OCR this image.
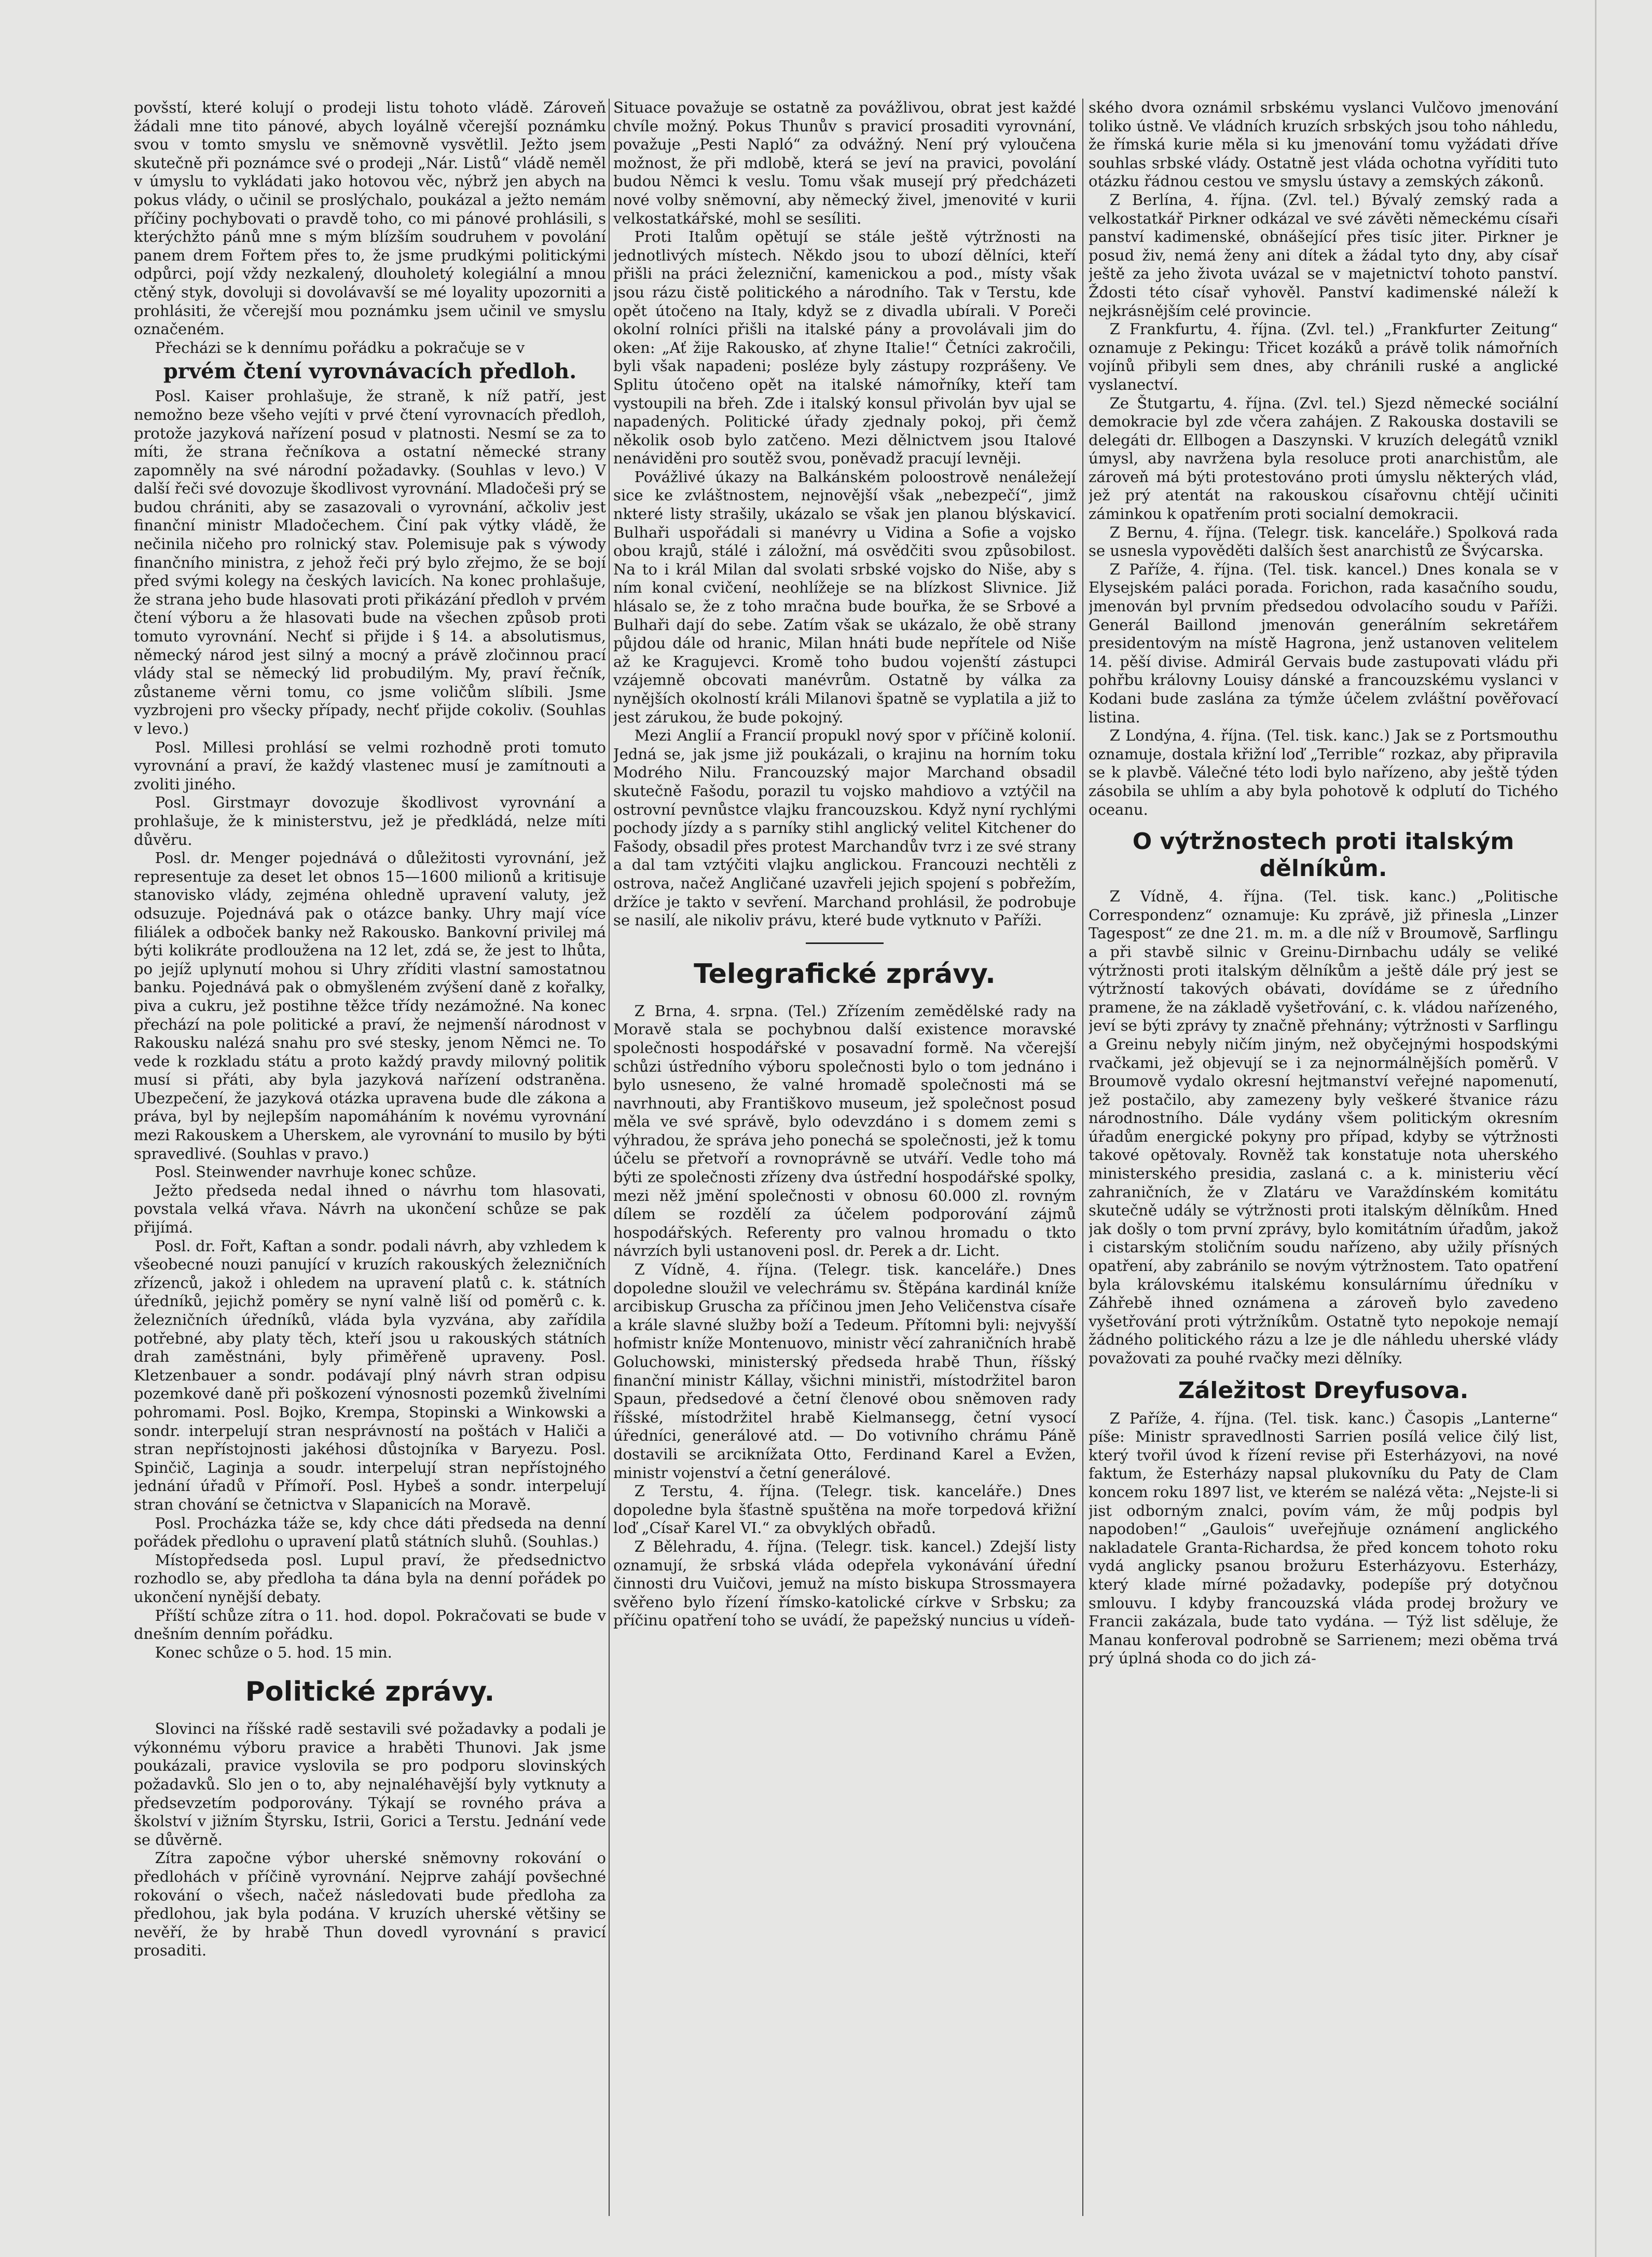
povšstí, které kolují o prodeji listu tohoto vládě. Zároveň žádali mne tito pánové, abych loyálně včerejší poznámku svou v tomto smyslu ve sněmovně vysvětlil. Ježto jsem skutečně při poznámce své o prodeji „Nár. Listů“ vládě neměl v úmyslu to vykládati jako hotovou věc, nýbrž jen abych na pokus vlády, o učinil se proslýchalo, poukázal a ježto nemám příčiny pochybovati o pravdě toho, co mi pánové prohlásili, s kterýchžto pánů mne s mým blízším soudruhem v povolání panem drem Fořtem přes to, že jsme prudkými politickými odpůrci, pojí vždy nezkalený, dlouholetý kolegiální a mnou ctěný styk, dovoluji si dovolávavší se mé loyality upozorniti a prohlásiti, že včerejší mou poznámku jsem učinil ve smyslu označeném.

Přecházi se k dennímu pořádku a pokračuje se v

prvém čtení vyrovnávacích předloh.

Posl. Kaiser prohlašuje, že straně, k níž patří, jest nemožno beze všeho vejíti v prvé čtení vyrovnacích předloh, protože jazyková nařízení posud v platnosti. Nesmí se za to míti, že strana řečníkova a ostatní německé strany zapomněly na své národní požadavky. (Souhlas v levo.) V další řeči své dovozuje škodlivost vyrovnání. Mladočeši prý se budou chrániti, aby se zasazovali o vyrovnání, ačkoliv jest finanční ministr Mladočechem. Činí pak výtky vládě, že nečinila ničeho pro rolnický stav. Polemisuje pak s výwody finančního ministra, z jehož řeči prý bylo zřejmo, že se bojí před svými kolegy na českých lavicích. Na konec prohlašuje, že strana jeho bude hlasovati proti přikázání předloh v prvém čtení výboru a že hlasovati bude na všechen způsob proti tomuto vyrovnání. Nechť si přijde i § 14. a absolutismus, německý národ jest silný a mocný a právě zločinnou prací vlády stal se německý lid probudilým. My, praví řečník, zůstaneme věrni tomu, co jsme voličům slíbili. Jsme vyzbrojeni pro všecky případy, nechť přijde cokoliv. (Souhlas v levo.)

Posl. Millesi prohlásí se velmi rozhodně proti tomuto vyrovnání a praví, že každý vlastenec musí je zamítnouti a zvoliti jiného.

Posl. Girstmayr dovozuje škodlivost vyrovnání a prohlašuje, že k ministerstvu, jež je předkládá, nelze míti důvěru.

Posl. dr. Menger pojednává o důležitosti vyrovnání, jež representuje za deset let obnos 15—1600 milionů a kritisuje stanovisko vlády, zejména ohledně upravení valuty, jež odsuzuje. Pojednává pak o otázce banky. Uhry mají více filiálek a odboček banky než Rakousko. Bankovní privilej má býti kolikráte prodloužena na 12 let, zdá se, že jest to lhůta, po jejíž uplynutí mohou si Uhry zříditi vlastní samostatnou banku. Pojednává pak o obmyšleném zvýšení daně z kořalky, piva a cukru, jež postihne těžce třídy nezámožné. Na konec přechází na pole politické a praví, že nejmenší národnost v Rakousku nalézá snahu pro své stesky, jenom Němci ne. To vede k rozkladu státu a proto každý pravdy milovný politik musí si přáti, aby byla jazyková nařízení odstraněna. Ubezpečení, že jazyková otázka upravena bude dle zákona a práva, byl by nejlepším napomáháním k novému vyrovnání mezi Rakouskem a Uherskem, ale vyrovnání to musilo by býti spravedlivé. (Souhlas v pravo.)

Posl. Steinwender navrhuje konec schůze.

Ježto předseda nedal ihned o návrhu tom hlasovati, povstala velká vřava. Návrh na ukončení schůze se pak přijímá.

Posl. dr. Fořt, Kaftan a sondr. podali návrh, aby vzhledem k všeobecné nouzi panující v kruzích rakouských železničních zřízenců, jakož i ohledem na upravení platů c. k. státních úředníků, jejichž poměry se nyní valně liší od poměrů c. k. železničních úředníků, vláda byla vyzvána, aby zařídila potřebné, aby platy těch, kteří jsou u rakouských státních drah zaměstnáni, byly přiměřeně upraveny. Posl. Kletzenbauer a sondr. podávají plný návrh stran odpisu pozemkové daně při poškození výnosnosti pozemků živelními pohromami. Posl. Bojko, Krempa, Stopinski a Winkowski a sondr. interpelují stran nesprávností na poštách v Haliči a stran nepřístojnosti jakéhosi důstojníka v Baryezu. Posl. Spinčič, Laginja a soudr. interpelují stran nepřístojného jednání úřadů v Přímoří. Posl. Hybeš a sondr. interpelují stran chování se četnictva v Slapanicích na Moravě.

Posl. Procházka táže se, kdy chce dáti předseda na denní pořádek předlohu o upravení platů státních sluhů. (Souhlas.)

Místopředseda posl. Lupul praví, že předsednictvo rozhodlo se, aby předloha ta dána byla na denní pořádek po ukončení nynější debaty.

Příští schůze zítra o 11. hod. dopol. Pokračovati se bude v dnešním denním pořádku.

Konec schůze o 5. hod. 15 min.

Politické zprávy.

Slovinci na říšské radě sestavili své požadavky a podali je výkonnému výboru pravice a hraběti Thunovi. Jak jsme poukázali, pravice vyslovila se pro podporu slovinských požadavků. Slo jen o to, aby nejnaléhavější byly vytknuty a předsevzetím podporovány. Týkají se rovného práva a školství v jižním Štyrsku, Istrii, Gorici a Terstu. Jednání vede se důvěrně.

Zítra započne výbor uherské sněmovny rokování o předlohách v příčině vyrovnání. Nejprve zahájí povšechné rokování o všech, načež následovati bude předloha za předlohou, jak byla podána. V kruzích uherské většiny se nevěří, že by hrabě Thun dovedl vyrovnání s pravicí prosaditi.

Situace považuje se ostatně za povážlivou, obrat jest každé chvíle možný. Pokus Thunův s pravicí prosaditi vyrovnání, považuje „Pesti Napló“ za odvážný. Není prý vyloučena možnost, že při mdlobě, která se jeví na pravici, povolání budou Němci k veslu. Tomu však musejí prý předcházeti nové volby sněmovní, aby německý živel, jmenovité v kurii velkostatkářské, mohl se sesíliti.

Proti Italům opětují se stále ještě výtržnosti na jednotlivých místech. Někdo jsou to ubozí dělníci, kteří přišli na práci železniční, kamenickou a pod., místy však jsou rázu čistě politického a národního. Tak v Terstu, kde opět útočeno na Italy, když se z divadla ubírali. V Poreči okolní rolníci přišli na italské pány a provolávali jim do oken: „Ať žije Rakousko, ať zhyne Italie!“ Četníci zakročili, byli však napadeni; posléze byly zástupy rozprášeny. Ve Splitu útočeno opět na italské námořníky, kteří tam vystoupili na břeh. Zde i italský konsul přivolán byv ujal se napadených. Politické úřady zjednaly pokoj, při čemž několik osob bylo zatčeno. Mezi dělnictvem jsou Italové nenáviděni pro soutěž svou, poněvadž pracují levněji.

Povážlivé úkazy na Balkánském poloostrově nenáležejí sice ke zvláštnostem, nejnovější však „nebezpečí“, jimž nkteré listy strašily, ukázalo se však jen planou blýskavicí. Bulhaři uspořádali si manévry u Vidina a Sofie a vojsko obou krajů, stálé i záložní, má osvědčiti svou způsobilost. Na to i král Milan dal svolati srbské vojsko do Niše, aby s ním konal cvičení, neohlížeje se na blízkost Slivnice. Již hlásalo se, že z toho mračna bude bouřka, že se Srbové a Bulhaři dají do sebe. Zatím však se ukázalo, že obě strany půjdou dále od hranic, Milan hnáti bude nepřítele od Niše až ke Kragujevci. Kromě toho budou vojenští zástupci vzájemně obcovati manévrům. Ostatně by válka za nynějších okolností králi Milanovi špatně se vyplatila a již to jest zárukou, že bude pokojný.

Mezi Anglií a Francií propukl nový spor v příčině kolonií. Jedná se, jak jsme již poukázali, o krajinu na horním toku Modrého Nilu. Francouzský major Marchand obsadil skutečně Fašodu, porazil tu vojsko mahdiovo a vztýčil na ostrovní pevnůstce vlajku francouzskou. Když nyní rychlými pochody jízdy a s parníky stihl anglický velitel Kitchener do Fašody, obsadil přes protest Marchandův tvrz i ze své strany a dal tam vztýčiti vlajku anglickou. Francouzi nechtěli z ostrova, načež Angličané uzavřeli jejich spojení s pobřežím, držíce je takto v sevření. Marchand prohlásil, že podrobuje se nasilí, ale nikoliv právu, které bude vytknuto v Paříži.

Telegrafické zprávy.

Z Brna, 4. srpna. (Tel.) Zřízením zemědělské rady na Moravě stala se pochybnou další existence moravské společnosti hospodářské v posavadní formě. Na včerejší schůzi ústředního výboru společnosti bylo o tom jednáno i bylo usneseno, že valné hromadě společnosti má se navrhnouti, aby Františkovo museum, jež společnost posud měla ve své správě, bylo odevzdáno i s domem zemi s výhradou, že správa jeho ponechá se společnosti, jež k tomu účelu se přetvoří a rovnoprávně se utváří. Vedle toho má býti ze společnosti zřízeny dva ústřední hospodářské spolky, mezi něž jmění společnosti v obnosu 60.000 zl. rovným dílem se rozdělí za účelem podporování zájmů hospodářských. Referenty pro valnou hromadu o tkto návrzích byli ustanoveni posl. dr. Perek a dr. Licht.

Z Vídně, 4. října. (Telegr. tisk. kanceláře.) Dnes dopoledne sloužil ve velechrámu sv. Štěpána kardinál kníže arcibiskup Gruscha za příčinou jmen Jeho Veličenstva císaře a krále slavné služby boží a Tedeum. Přítomni byli: nejvyšší hofmistr kníže Montenuovo, ministr věcí zahraničních hrabě Goluchowski, ministerský předseda hrabě Thun, říšský finanční ministr Kállay, všichni ministři, místodržitel baron Spaun, předsedové a četní členové obou sněmoven rady říšské, místodržitel hrabě Kielmansegg, četní vysocí úředníci, generálové atd. — Do votivního chrámu Páně dostavili se arciknížata Otto, Ferdinand Karel a Evžen, ministr vojenství a četní generálové.

Z Terstu, 4. října. (Telegr. tisk. kanceláře.) Dnes dopoledne byla šťastně spuštěna na moře torpedová křižní loď „Císař Karel VI.“ za obvyklých obřadů.

Z Bělehradu, 4. října. (Telegr. tisk. kancel.) Zdejší listy oznamují, že srbská vláda odepřela vykonávání úřední činnosti dru Vuičovi, jemuž na místo biskupa Strossmayera svěřeno bylo řízení římsko-katolické církve v Srbsku; za příčinu opatření toho se uvádí, že papežský nuncius u vídeň-

ského dvora oznámil srbskému vyslanci Vulčovo jmenování toliko ústně. Ve vládních kruzích srbských jsou toho náhledu, že římská kurie měla si ku jmenování tomu vyžádati dříve souhlas srbské vlády. Ostatně jest vláda ochotna vyříditi tuto otázku řádnou cestou ve smyslu ústavy a zemských zákonů.

Z Berlína, 4. října. (Zvl. tel.) Bývalý zemský rada a velkostatkář Pirkner odkázal ve své závěti německému císaři panství kadimenské, obnášející přes tisíc jiter. Pirkner je posud živ, nemá ženy ani dítek a žádal tyto dny, aby císař ještě za jeho života uvázal se v majetnictví tohoto panství. Ždosti této císař vyhověl. Panství kadimenské náleží k nejkrásnějším celé provincie.

Z Frankfurtu, 4. října. (Zvl. tel.) „Frankfurter Zeitung“ oznamuje z Pekingu: Třicet kozáků a právě tolik námořních vojínů přibyli sem dnes, aby chránili ruské a anglické vyslanectví.

Ze Štutgartu, 4. října. (Zvl. tel.) Sjezd německé sociální demokracie byl zde včera zahájen. Z Rakouska dostavili se delegáti dr. Ellbogen a Daszynski. V kruzích delegátů vznikl úmysl, aby navržena byla resoluce proti anarchistům, ale zároveň má býti protestováno proti úmyslu některých vlád, jež prý atentát na rakouskou císařovnu chtějí učiniti záminkou k opatřením proti socialní demokracii.

Z Bernu, 4. října. (Telegr. tisk. kanceláře.) Spolková rada se usnesla vypověděti dalších šest anarchistů ze Švýcarska.

Z Paříže, 4. října. (Tel. tisk. kancel.) Dnes konala se v Elysejském paláci porada. Forichon, rada kasačního soudu, jmenován byl prvním předsedou odvolacího soudu v Paříži. Generál Baillond jmenován generálním sekretářem presidentovým na místě Hagrona, jenž ustanoven velitelem 14. pěší divise. Admirál Gervais bude zastupovati vládu při pohřbu královny Louisy dánské a francouzskému vyslanci v Kodani bude zaslána za týmže účelem zvláštní pověřovací listina.

Z Londýna, 4. října. (Tel. tisk. kanc.) Jak se z Portsmouthu oznamuje, dostala křižní loď „Terrible“ rozkaz, aby připravila se k plavbě. Válečné této lodi bylo nařízeno, aby ještě týden zásobila se uhlím a aby byla pohotově k odplutí do Tichého oceanu.

O výtržnostech proti italským dělníkům.

Z Vídně, 4. října. (Tel. tisk. kanc.) „Politische Correspondenz“ oznamuje: Ku zprávě, již přinesla „Linzer Tagespost“ ze dne 21. m. m. a dle níž v Broumově, Sarflingu a při stavbě silnic v Greinu-Dirnbachu udály se veliké výtržnosti proti italským dělníkům a ještě dále prý jest se výtržností takových obávati, dovídáme se z úředního pramene, že na základě vyšetřování, c. k. vládou nařízeného, jeví se býti zprávy ty značně přehnány; výtržnosti v Sarflingu a Greinu nebyly ničím jiným, než obyčejnými hospodskými rvačkami, jež objevují se i za nejnormálnějších poměrů. V Broumově vydalo okresní hejtmanství veřejné napomenutí, jež postačilo, aby zamezeny byly veškeré štvanice rázu národnostního. Dále vydány všem politickým okresním úřadům energické pokyny pro případ, kdyby se výtržnosti takové opětovaly. Rovněž tak konstatuje nota uherského ministerského presidia, zaslaná c. a k. ministeriu věcí zahraničních, že v Zlatáru ve Varaždínském komitátu skutečně udály se výtržnosti proti italským dělníkům. Hned jak došly o tom první zprávy, bylo komitátním úřadům, jakož i cistarským stoličním soudu nařízeno, aby užily přísných opatření, aby zabránilo se novým výtržnostem. Tato opatření byla královskému italskému konsulárnímu úředníku v Záhřebě ihned oznámena a zároveň bylo zavedeno vyšetřování proti výtržníkům. Ostatně tyto nepokoje nemají žádného politického rázu a lze je dle náhledu uherské vlády považovati za pouhé rvačky mezi dělníky.

Záležitost Dreyfusova.

Z Paříže, 4. října. (Tel. tisk. kanc.) Časopis „Lanterne“ píše: Ministr spravedlnosti Sarrien posílá velice čilý list, který tvořil úvod k řízení revise při Esterházyovi, na nové faktum, že Esterházy napsal plukovníku du Paty de Clam koncem roku 1897 list, ve kterém se nalézá věta: „Nejste-li si jist odborným znalci, povím vám, že můj podpis byl napodoben!“ „Gaulois“ uveřejňuje oznámení anglického nakladatele Granta-Richardsa, že před koncem tohoto roku vydá anglicky psanou brožuru Esterházyovu. Esterházy, který klade mírné požadavky, podepíše prý dotyčnou smlouvu. I kdyby francouzská vláda prodej brožury ve Francii zakázala, bude tato vydána. — Týž list sděluje, že Manau konferoval podrobně se Sarrienem; mezi oběma trvá prý úplná shoda co do jich zá-
